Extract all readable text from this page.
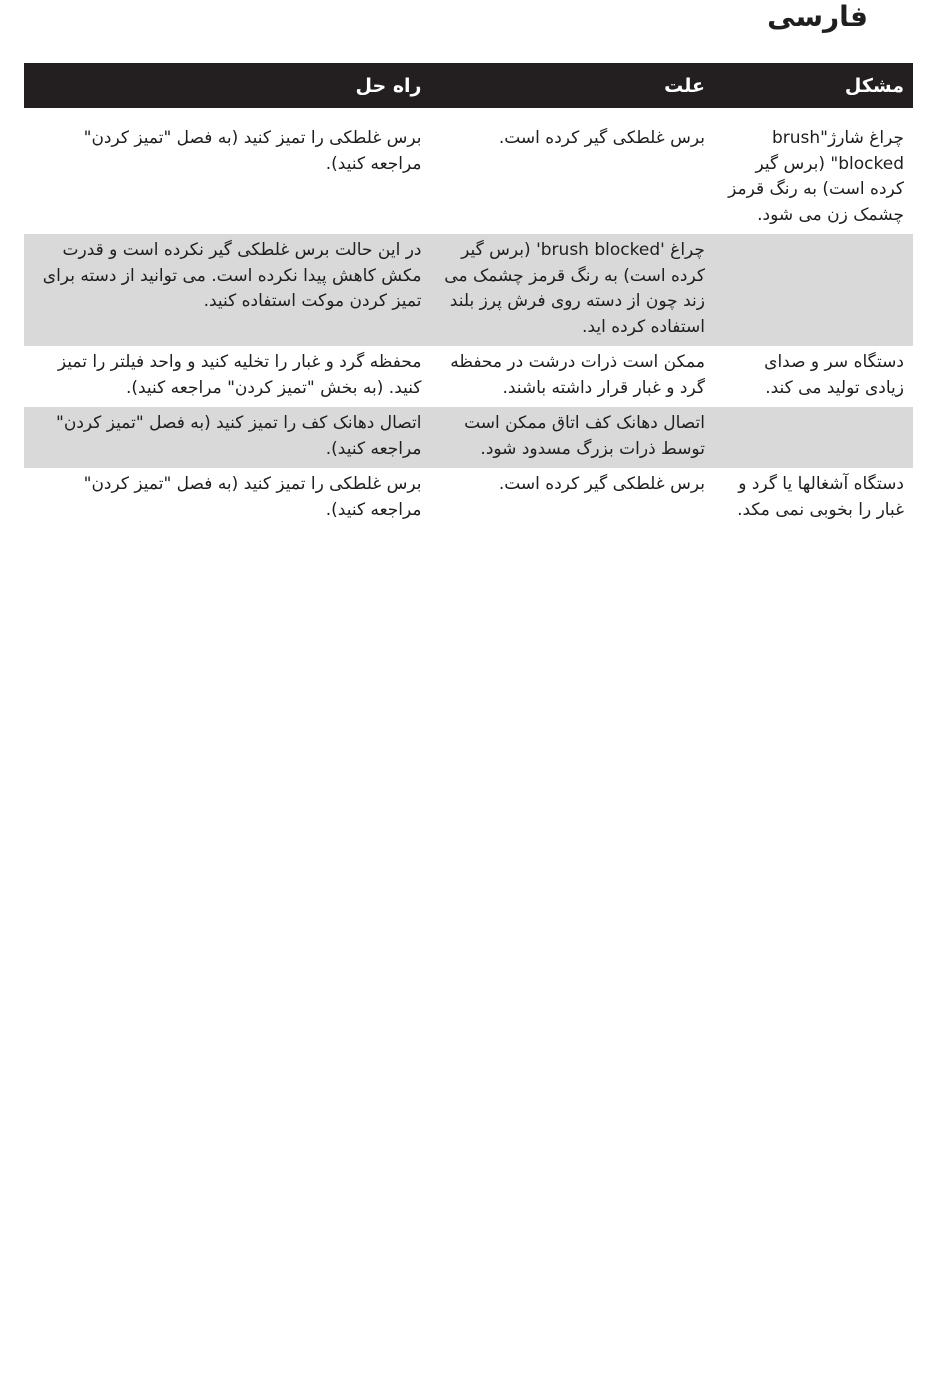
فارسی
مشکل	علت	راه حل

چراغ شارژ"brush blocked" (برس گیر کرده است) به رنگ قرمز چشمک زن می شود.	برس غلطکی گیر کرده است.	برس غلطکی را تمیز کنید (به فصل "تمیز کردن" مراجعه کنید).
	چراغ 'brush blocked' (برس گیر کرده است) به رنگ قرمز چشمک می زند چون از دسته روی فرش پرز بلند استفاده کرده اید.	در این حالت برس غلطکی گیر نکرده است و قدرت مکش کاهش پیدا نکرده است. می توانید از دسته برای تمیز کردن موکت استفاده کنید.
دستگاه سر و صدای زیادی تولید می کند.	ممکن است ذرات درشت در محفظه گرد و غبار قرار داشته باشند.	محفظه گرد و غبار را تخلیه کنید و واحد فیلتر را تمیز کنید. (به بخش "تمیز کردن" مراجعه کنید).
	اتصال دهانک کف اتاق ممکن است توسط ذرات بزرگ مسدود شود.	اتصال دهانک کف را تمیز کنید (به فصل "تمیز کردن" مراجعه کنید).
دستگاه آشغالها یا گرد و غبار را بخوبی نمی مکد.	برس غلطکی گیر کرده است.	برس غلطکی را تمیز کنید (به فصل "تمیز کردن" مراجعه کنید).
